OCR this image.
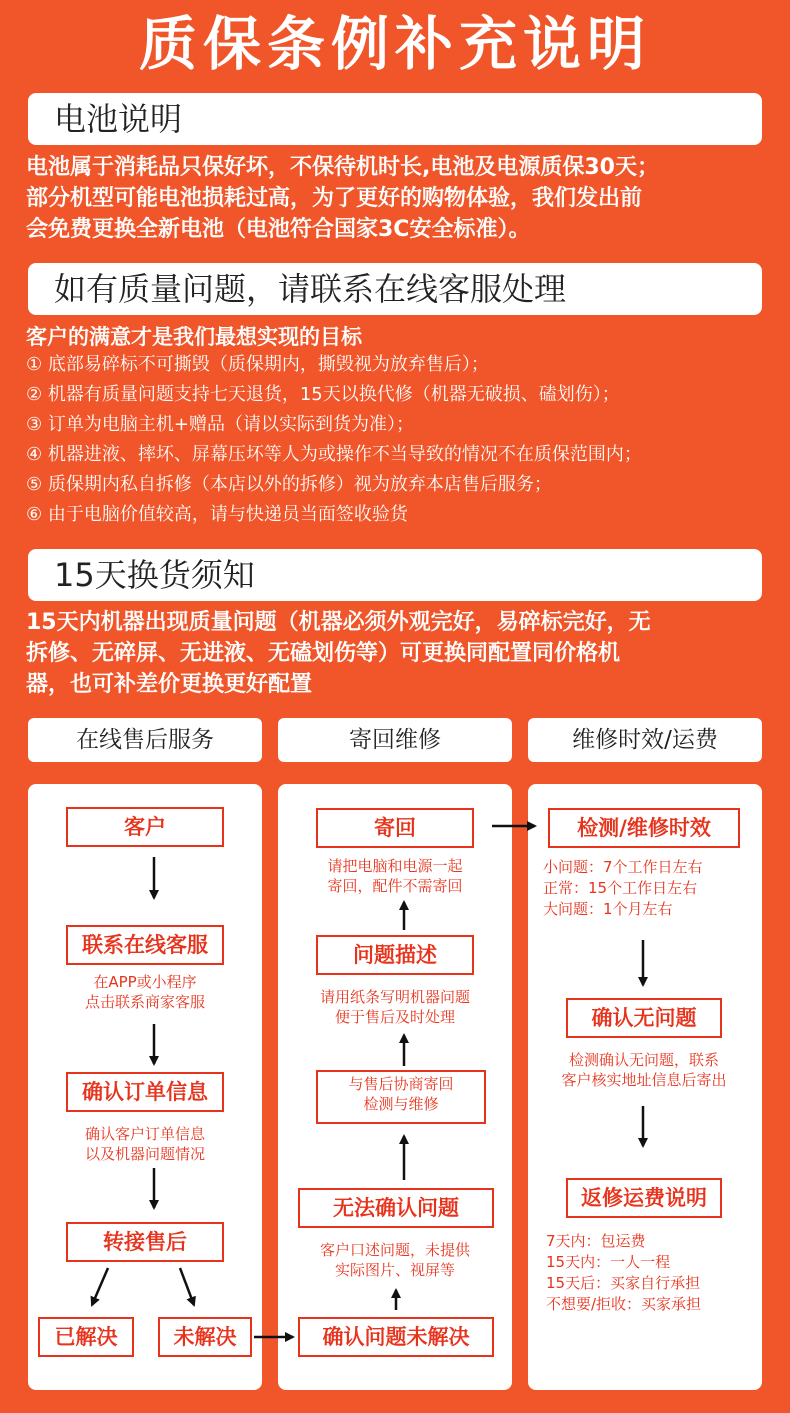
质保条例补充说明
电池说明
电池属于消耗品只保好坏，不保待机时长,电池及电源质保30天；
部分机型可能电池损耗过高，为了更好的购物体验，我们发出前
会免费更换全新电池（电池符合国家3C安全标准）。
如有质量问题，请联系在线客服处理
客户的满意才是我们最想实现的目标
① 底部易碎标不可撕毁（质保期内，撕毁视为放弃售后）；
② 机器有质量问题支持七天退货，15天以换代修（机器无破损、磕划伤）；
③ 订单为电脑主机+赠品（请以实际到货为准）；
④ 机器进液、摔坏、屏幕压坏等人为或操作不当导致的情况不在质保范围内；
⑤ 质保期内私自拆修（本店以外的拆修）视为放弃本店售后服务；
⑥ 由于电脑价值较高，请与快递员当面签收验货
15天换货须知
15天内机器出现质量问题（机器必须外观完好，易碎标完好，无
拆修、无碎屏、无进液、无磕划伤等）可更换同配置同价格机
器，也可补差价更换更好配置
在线售后服务	寄回维修	维修时效/运费
客户
联系在线客服
在APP或小程序
点击联系商家客服
确认订单信息
确认客户订单信息
以及机器问题情况
转接售后
已解决	未解决
寄回
请把电脑和电源一起
寄回，配件不需寄回
问题描述
请用纸条写明机器问题
便于售后及时处理
与售后协商寄回
检测与维修
无法确认问题
客户口述问题，未提供
实际图片、视屏等
确认问题未解决
检测/维修时效
小问题：7个工作日左右
正常：15个工作日左右
大问题：1个月左右
确认无问题
检测确认无问题，联系
客户核实地址信息后寄出
返修运费说明
7天内：包运费
15天内：一人一程
15天后：买家自行承担
不想要/拒收：买家承担
